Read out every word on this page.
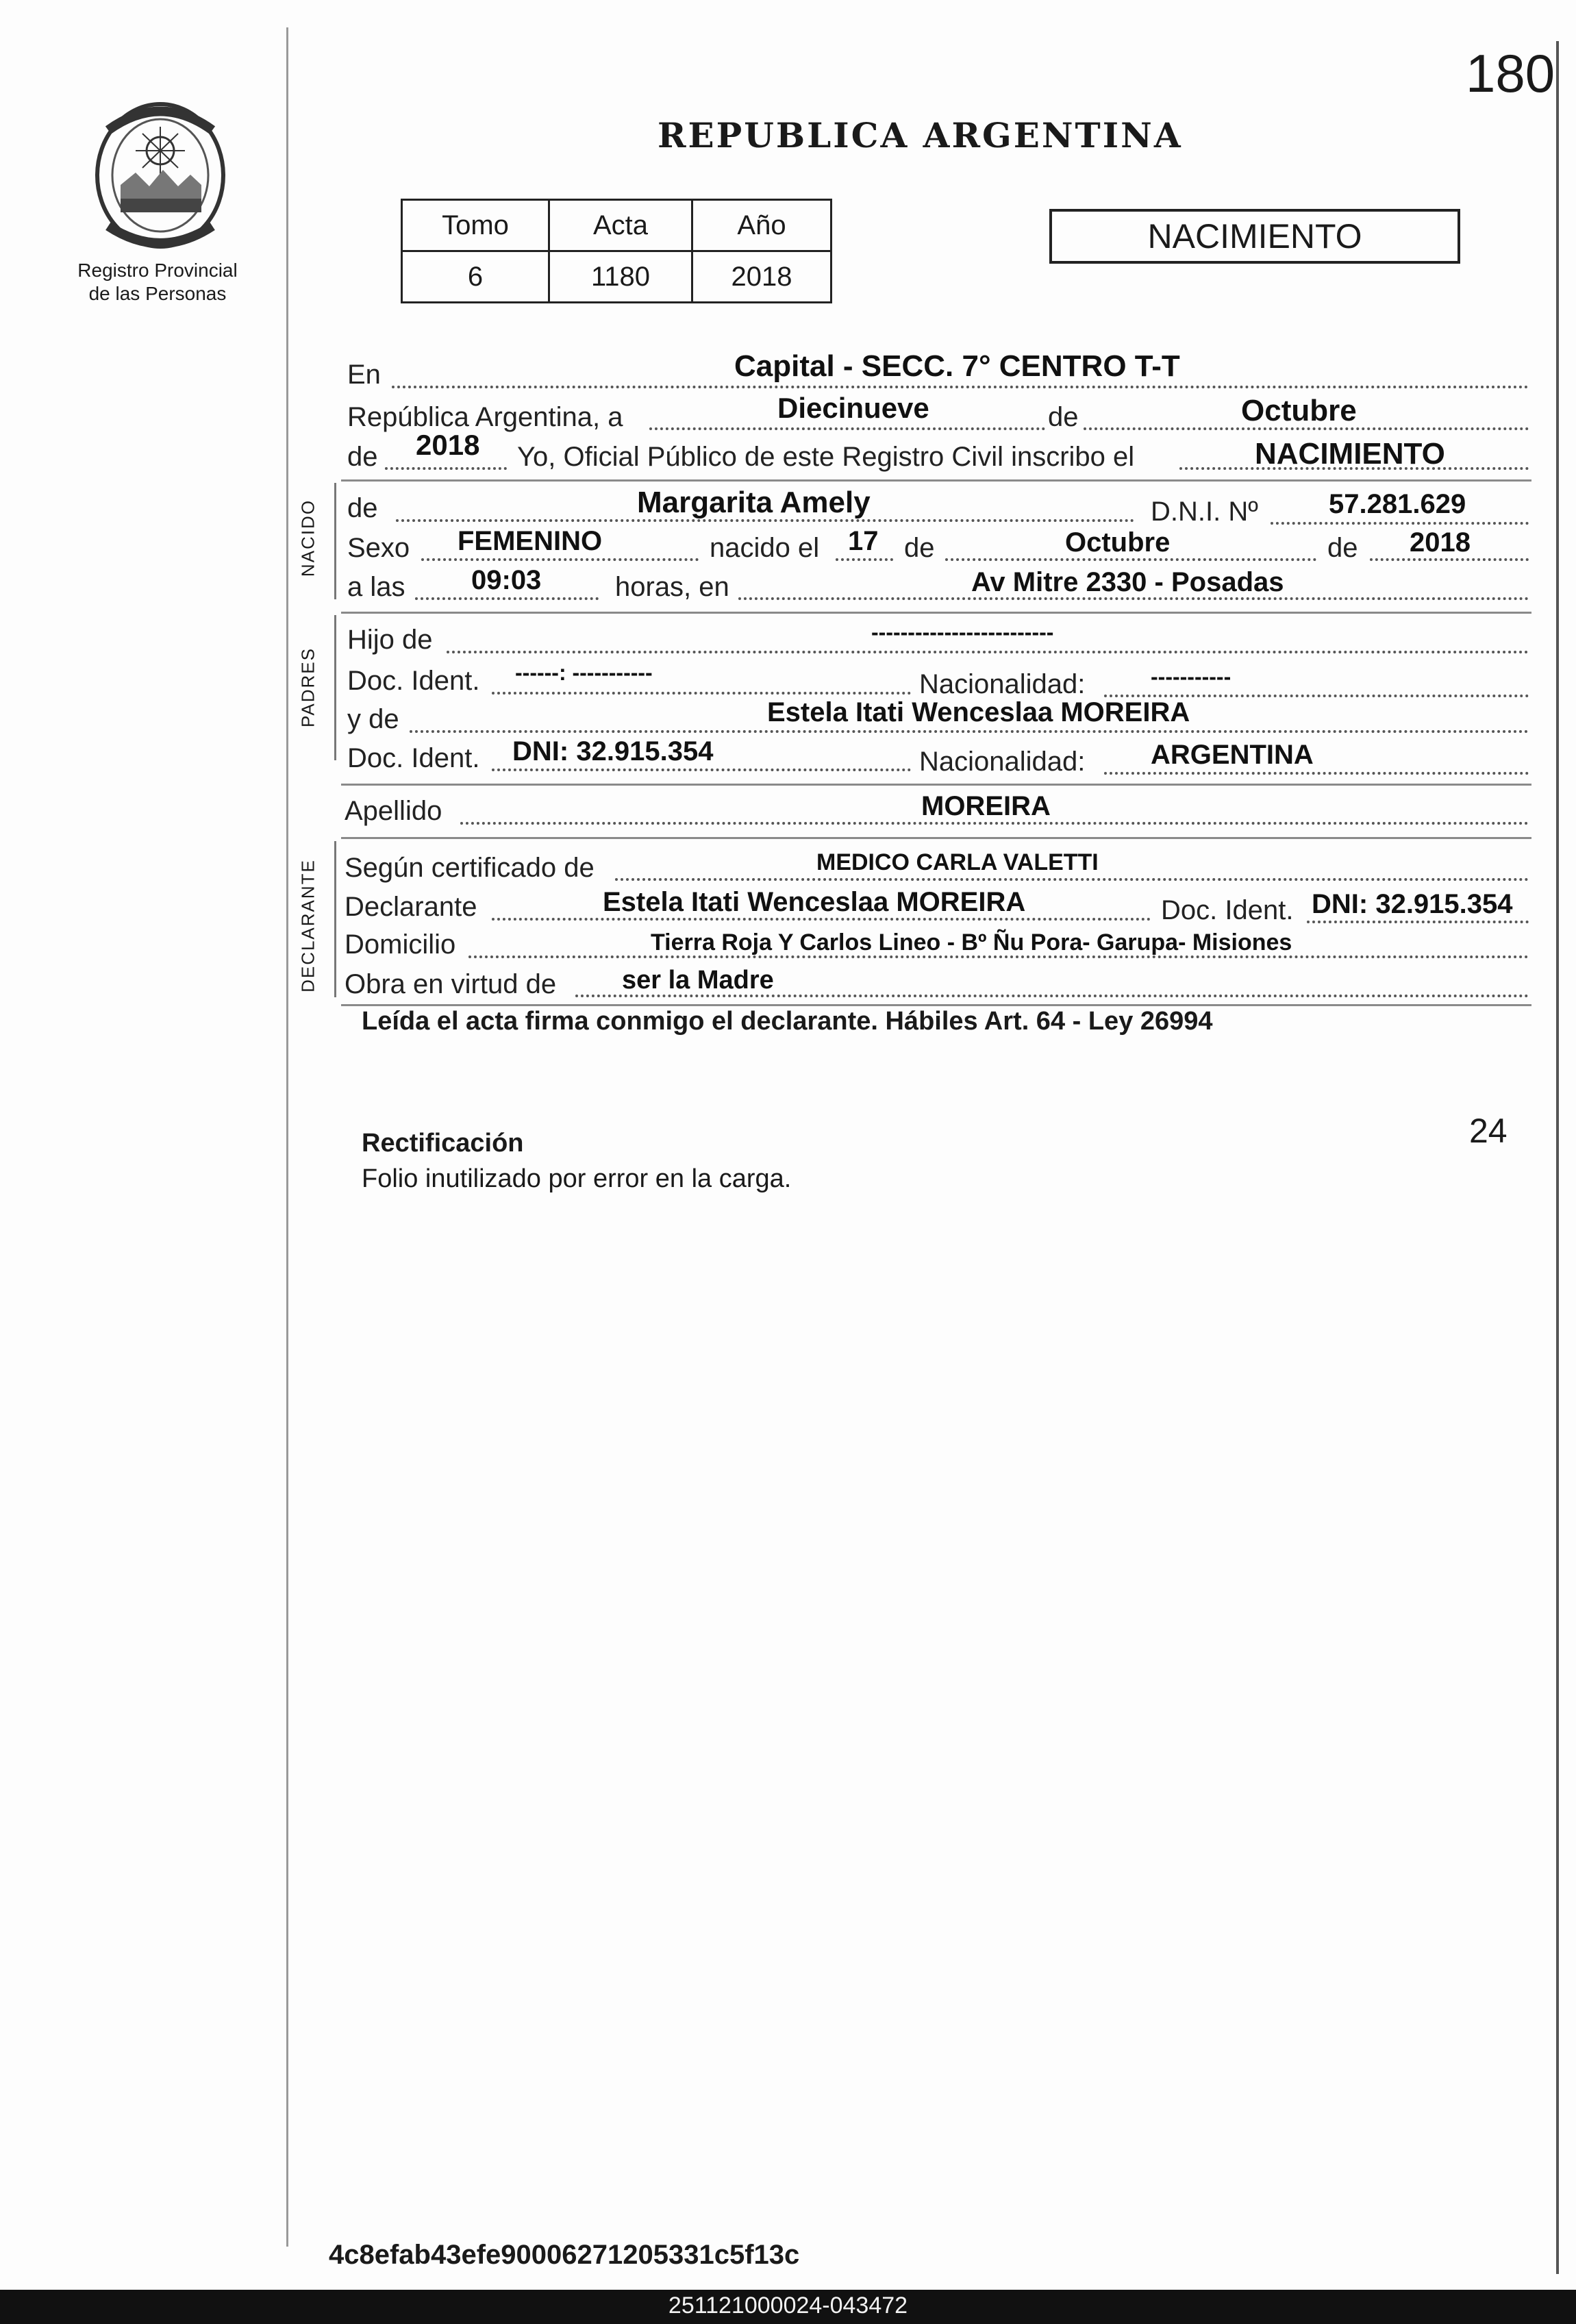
180
Registro Provincial
de las Personas
REPUBLICA ARGENTINA
Tomo	Acta	Año
6	1180	2018
NACIMIENTO
En	Capital - SECC. 7° CENTRO T-T
República Argentina, a	Diecinueve	de	Octubre
de 2018 Yo, Oficial Público de este Registro Civil inscribo el	NACIMIENTO
NACIDO de	Margarita Amely	D.N.I. Nº	57.281.629
Sexo FEMENINO	nacido el 17 de	Octubre	de 2018
a las 09:03	horas, en	Av Mitre 2330 - Posadas
PADRES
Hijo de	-------------------------
Doc. Ident. ------: -----------	Nacionalidad:	-----------
y de	Estela Itati Wenceslaa MOREIRA
Doc. Ident. DNI: 32.915.354	Nacionalidad: ARGENTINA
Apellido	MOREIRA
DECLARANTE Según certificado de	MEDICO CARLA VALETTI
Declarante	Estela Itati Wenceslaa MOREIRA	Doc. Ident. DNI: 32.915.354
Domicilio	Tierra Roja Y Carlos Lineo - Bº Ñu Pora- Garupa- Misiones
Obra en virtud de	ser la Madre
Leída el acta firma conmigo el declarante. Hábiles Art. 64 - Ley 26994
Rectificación
Folio inutilizado por error en la carga.
24
4c8efab43efe90006271205331c5f13c
251121000024-043472
